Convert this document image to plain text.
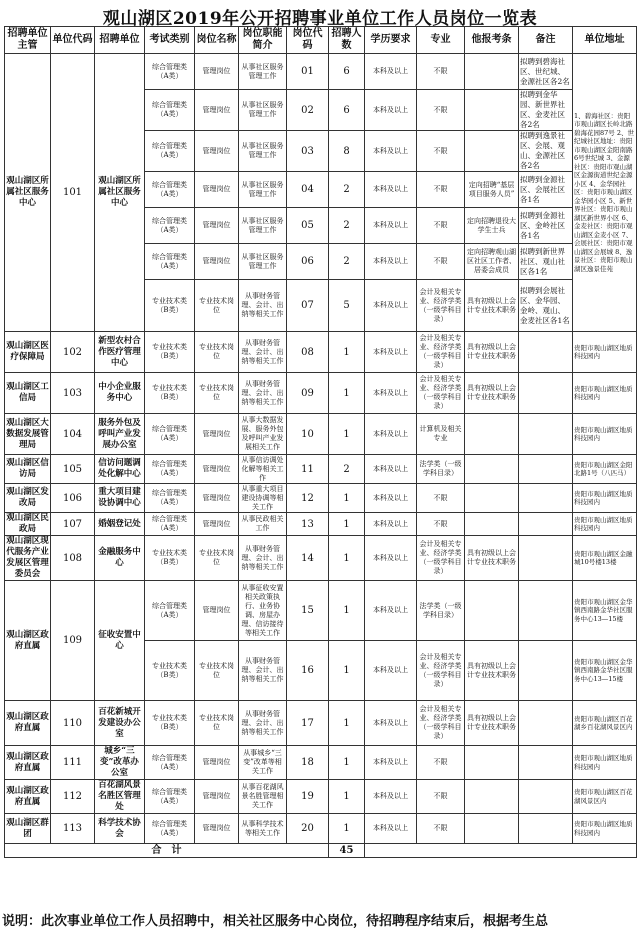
观山湖区2019年公开招聘事业单位工作人员岗位一览表
招聘单位主管	单位代码	招聘单位	考试类别	岗位名称	岗位职能简介	岗位代码	招聘人数	学历要求	专业	他报考条	备注	单位地址
观山湖区所属社区服务中心	101	观山湖区所属社区服务中心	综合管理类（A类）	管理岗位	从事社区服务管理工作	01	6	本科及以上	不限		拟聘到碧海社区、世纪城、金源社区各2名	1、碧海社区：贵阳市观山湖区长岭北路碧海花园87号 2、世纪城社区地址：贵阳市观山湖区金阳南路6号世纪城 3、金源社区：贵阳市观山湖区金源街道世纪金源小区 4、金华园社区：贵阳市观山湖区金华园小区 5、新世界社区：贵阳市观山湖区新世界小区 6、金麦社区：贵阳市观山湖区金麦小区 7、会展社区：贵阳市观山湖区会展城 8、逸景社区：贵阳市观山湖区逸景佳苑
			综合管理类（A类）	管理岗位	从事社区服务管理工作	02	6	本科及以上	不限		拟聘到金华园、新世界社区、金麦社区各2名	
			综合管理类（A类）	管理岗位	从事社区服务管理工作	03	8	本科及以上	不限		拟聘到逸景社区、会展、观山、金源社区各2名	
			综合管理类（A类）	管理岗位	从事社区服务管理工作	04	2	本科及以上	不限	定向招聘“基层项目服务人员”	拟聘到金源社区、会展社区各1名	
			综合管理类（A类）	管理岗位	从事社区服务管理工作	05	2	本科及以上	不限	定向招聘退役大学生士兵	拟聘到金源社区、金岭社区各1名	
			综合管理类（A类）	管理岗位	从事社区服务管理工作	06	2	本科及以上	不限	定向招聘观山湖区社区工作者、居委会成员	拟聘到新世界社区、观山社区各1名	
			专业技术类（B类）	专业技术岗位	从事财务管理、会计、出纳等相关工作	07	5	本科及以上	会计及相关专业、经济学类（一级学科目录）	具有初级以上会计专业技术职务	拟聘到会展社区、金华园、金岭、观山、金麦社区各1名	
观山湖区医疗保障局	102	新型农村合作医疗管理中心	专业技术类（B类）	专业技术岗位	从事财务管理、会计、出纳等相关工作	08	1	本科及以上	会计及相关专业、经济学类（一级学科目录）	具有初级以上会计专业技术职务		贵阳市观山湖区地质科技园内
观山湖区工信局	103	中小企业服务中心	专业技术类（B类）	专业技术岗位	从事财务管理、会计、出纳等相关工作	09	1	本科及以上	会计及相关专业、经济学类（一级学科目录）	具有初级以上会计专业技术职务		贵阳市观山湖区地质科技园内
观山湖区大数据发展管理局	104	服务外包及呼叫产业发展办公室	综合管理类（A类）	管理岗位	从事大数据发展、服务外包及呼叫产业发展相关工作	10	1	本科及以上	计算机及相关专业			贵阳市观山湖区地质科技园内
观山湖区信访局	105	信访问题调处化解中心	综合管理类（A类）	管理岗位	从事信访调处化解等相关工作	11	2	本科及以上	法学类（一级学科目录）			贵阳市观山湖区金阳北路1号（八匹马）
观山湖区发改局	106	重大项目建设协调中心	综合管理类（A类）	管理岗位	从事重大项目建设协调等相关工作	12	1	本科及以上	不限			贵阳市观山湖区地质科技园内
观山湖区民政局	107	婚姻登记处	综合管理类（A类）	管理岗位	从事民政相关工作	13	1	本科及以上	不限			贵阳市观山湖区地质科技园内
观山湖区现代服务产业发展区管理委员会	108	金融服务中心	专业技术类（B类）	专业技术岗位	从事财务管理、会计、出纳等相关工作	14	1	本科及以上	会计及相关专业、经济学类（一级学科目录）	具有初级以上会计专业技术职务		贵阳市观山湖区金融城10号楼13楼
观山湖区政府直属	109	征收安置中心	综合管理类（A类）	管理岗位	从事征收安置相关政策执行、业务协调、房屋办理、信访接待等相关工作	15	1	本科及以上	法学类（一级学科目录）			贵阳市观山湖区金华镇西南路金华社区服务中心13—15楼
			专业技术类（B类）	专业技术岗位	从事财务管理、会计、出纳等相关工作	16	1	本科及以上	会计及相关专业、经济学类（一级学科目录）	具有初级以上会计专业技术职务		贵阳市观山湖区金华镇西南路金华社区服务中心13—15楼
观山湖区政府直属	110	百花新城开发建设办公室	专业技术类（B类）	专业技术岗位	从事财务管理、会计、出纳等相关工作	17	1	本科及以上	会计及相关专业、经济学类（一级学科目录）	具有初级以上会计专业技术职务		贵阳市观山湖区百花湖乡百花湖风景区内
观山湖区政府直属	111	城乡“三变”改革办公室	综合管理类（A类）	管理岗位	从事城乡“三变”改革等相关工作	18	1	本科及以上	不限			贵阳市观山湖区地质科技园内
观山湖区政府直属	112	百花湖风景名胜区管理处	综合管理类（A类）	管理岗位	从事百花湖风景名胜管理相关工作	19	1	本科及以上	不限			贵阳市观山湖区百花湖风景区内
观山湖区群团	113	科学技术协会	综合管理类（A类）	管理岗位	从事科学技术等相关工作	20	1	本科及以上	不限			贵阳市观山湖区地质科技园内
合　计							45					
说明：此次事业单位工作人员招聘中，相关社区服务中心岗位，待招聘程序结束后，根据考生总
